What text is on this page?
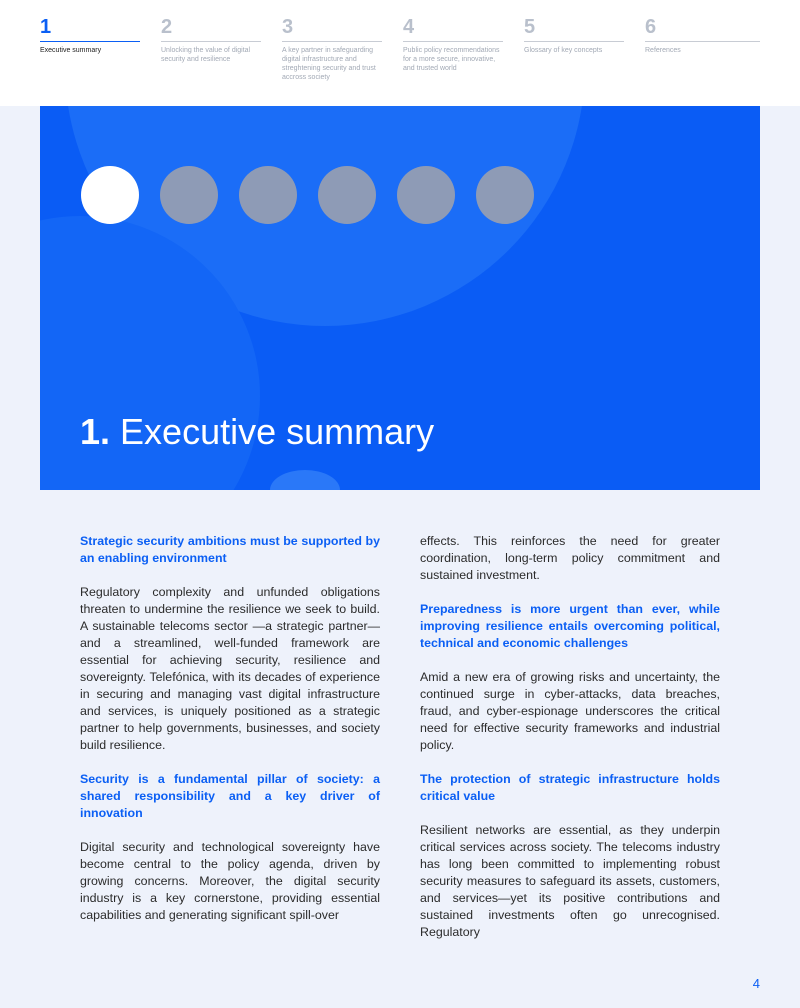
1
Executive summary
2
Unlocking the value of digital security and resilience
3
A key partner in safeguarding digital infrastructure and streghtening security and trust accross society
4
Public policy recommendations for a more secure, innovative, and trusted world
5
Glossary of key concepts
6
References
1. Executive summary
Strategic security ambitions must be supported by an enabling environment

Regulatory complexity and unfunded obligations threaten to undermine the resilience we seek to build. A sustainable telecoms sector —a strategic partner— and a streamlined, well-funded framework are essential for achieving security, resilience and sovereignty. Telefónica, with its decades of experience in securing and managing vast digital infrastructure and services, is uniquely positioned as a strategic partner to help governments, businesses, and society build resilience.

Security is a fundamental pillar of society: a shared responsibility and a key driver of innovation

Digital security and technological sovereignty have become central to the policy agenda, driven by growing concerns. Moreover, the digital security industry is a key cornerstone, providing essential capabilities and generating significant spill-over

effects. This reinforces the need for greater coordination, long-term policy commitment and sustained investment.

Preparedness is more urgent than ever, while improving resilience entails overcoming political, technical and economic challenges

Amid a new era of growing risks and uncertainty, the continued surge in cyber-attacks, data breaches, fraud, and cyber-espionage underscores the critical need for effective security frameworks and industrial policy.

The protection of strategic infrastructure holds critical value

Resilient networks are essential, as they underpin critical services across society. The telecoms industry has long been committed to implementing robust security measures to safeguard its assets, customers, and services—yet its positive contributions and sustained investments often go unrecognised. Regulatory

4
